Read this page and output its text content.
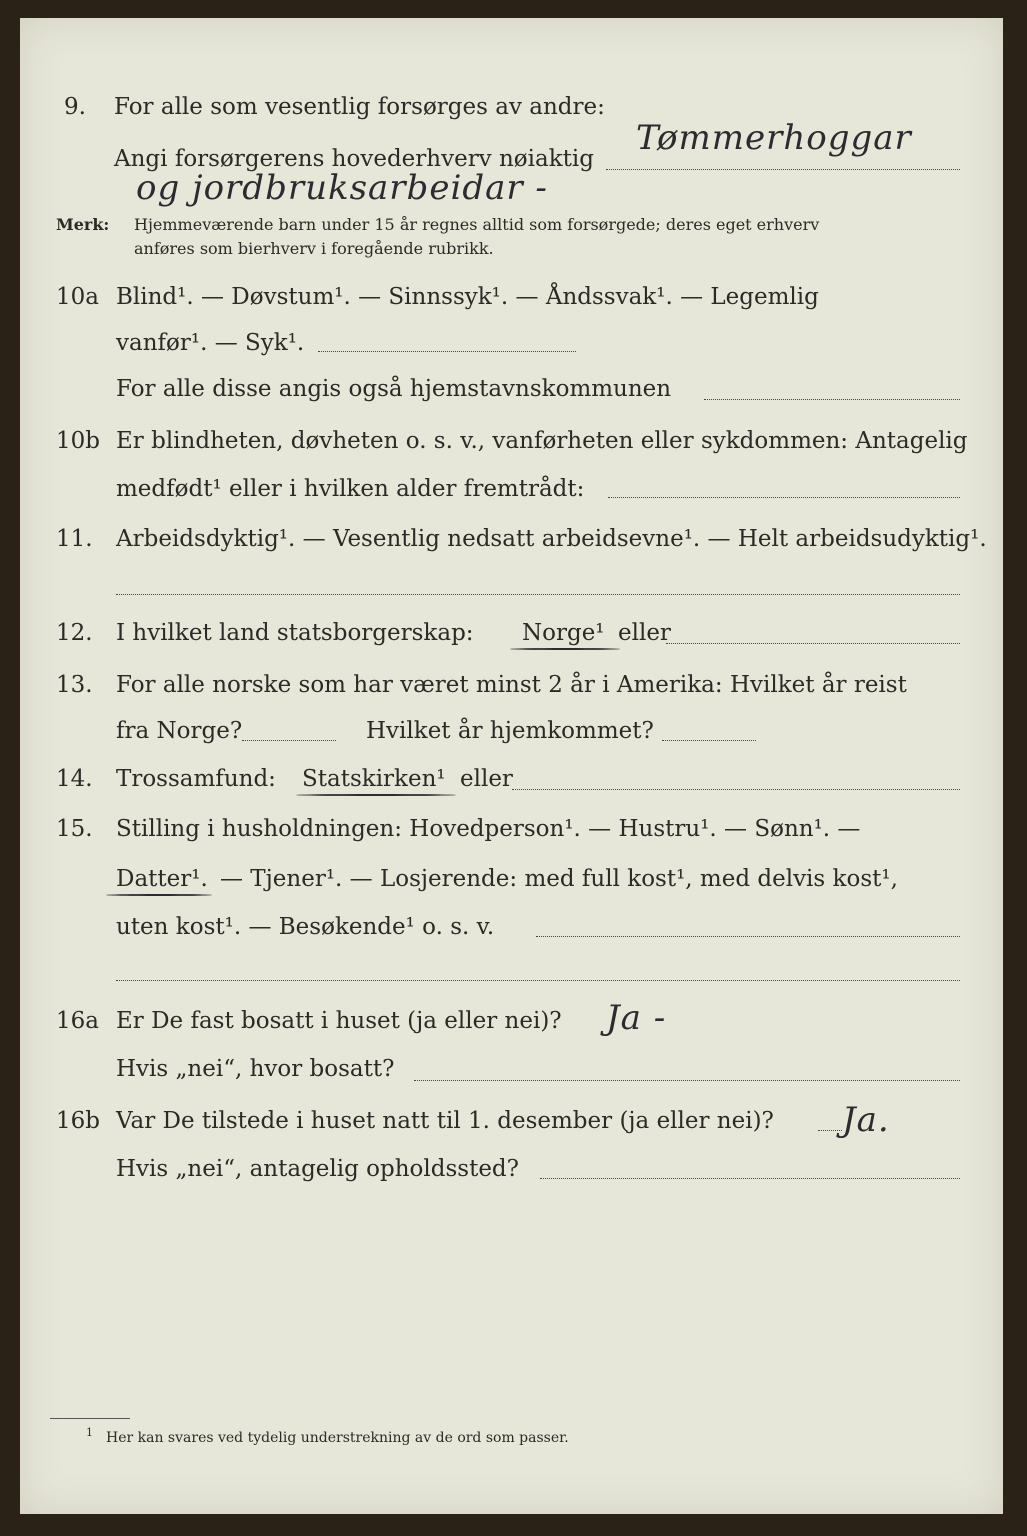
9.	For alle som vesentlig forsørges av andre:
Angi forsørgerens hovederhverv nøiaktig
Tømmerhoggar
og jordbruksarbeidar -
Merk: Hjemmeværende barn under 15 år regnes alltid som forsørgede; deres eget erhverv
anføres som bierhverv i foregående rubrikk.
10a Blind¹. — Døvstum¹. — Sinnssyk¹. — Åndssvak¹. — Legemlig
vanfør¹. — Syk¹.
For alle disse angis også hjemstavnskommunen
10b Er blindheten, døvheten o. s. v., vanførheten eller sykdommen: Antagelig
medfødt¹ eller i hvilken alder fremtrådt:
11.	Arbeidsdyktig¹. — Vesentlig nedsatt arbeidsevne¹. — Helt arbeidsudyktig¹.
12.	I hvilket land statsborgerskap: Norge¹ eller
13.	For alle norske som har været minst 2 år i Amerika: Hvilket år reist
fra Norge?	Hvilket år hjemkommet?
14.	Trossamfund: Statskirken¹ eller
15.	Stilling i husholdningen: Hovedperson¹. — Hustru¹. — Sønn¹. —
Datter¹. — Tjener¹. — Losjerende: med full kost¹, med delvis kost¹,
uten kost¹. — Besøkende¹ o. s. v.
16a Er De fast bosatt i huset (ja eller nei)? Ja -
Hvis „nei“, hvor bosatt?
16b Var De tilstede i huset natt til 1. desember (ja eller nei)? Ja.
Hvis „nei“, antagelig opholdssted?
1 Her kan svares ved tydelig understrekning av de ord som passer.
